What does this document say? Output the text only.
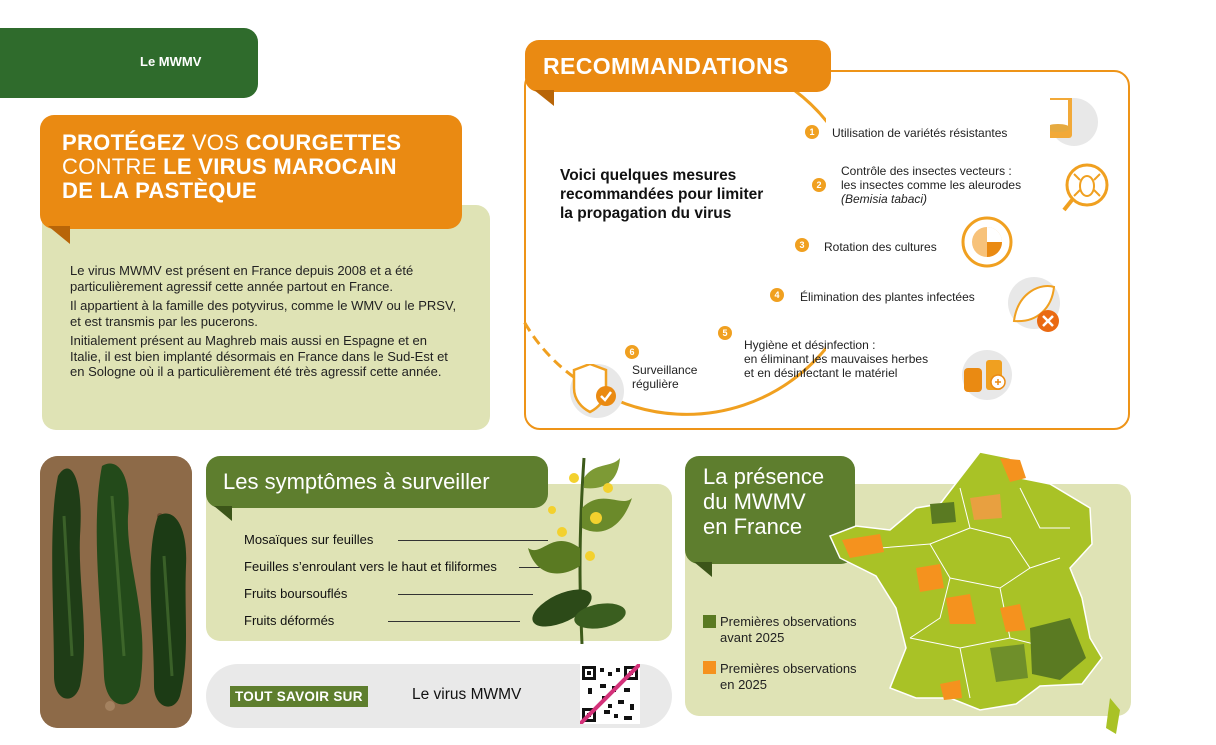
Le MWMV

Le virus MWMV est présent en France depuis 2008 et a été particulièrement agressif cette année partout en France.

Il appartient à la famille des potyvirus, comme le WMV ou le PRSV, et est transmis par les pucerons.

Initialement présent au Maghreb mais aussi en Espagne et en Italie, il est bien implanté désormais en France dans le Sud-Est et en Sologne où il a particulièrement été très agressif cette année.

PROTÉGEZ VOS COURGETTES
CONTRE LE VIRUS MAROCAIN
DE LA PASTÈQUE
RECOMMANDATIONS
Voici quelques mesures recommandées pour limiter la propagation du virus
1	Utilisation de variétés résistantes
2
Contrôle des insectes vecteurs :
les insectes comme les aleurodes
(Bemisia tabaci)
3	Rotation des cultures
4	Élimination des plantes infectées
5
Hygiène et désinfection :
en éliminant les mauvaises herbes
et en désinfectant le matériel
6
Surveillance
régulière
Les symptômes à surveiller
Mosaïques sur feuilles
Feuilles s’enroulant vers le haut et filiformes
Fruits boursouflés
Fruits déformés
TOUT SAVOIR SUR	Le virus MWMV
La présence
du MWMV
en France
Premières observations
avant 2025
Premières observations
en 2025
